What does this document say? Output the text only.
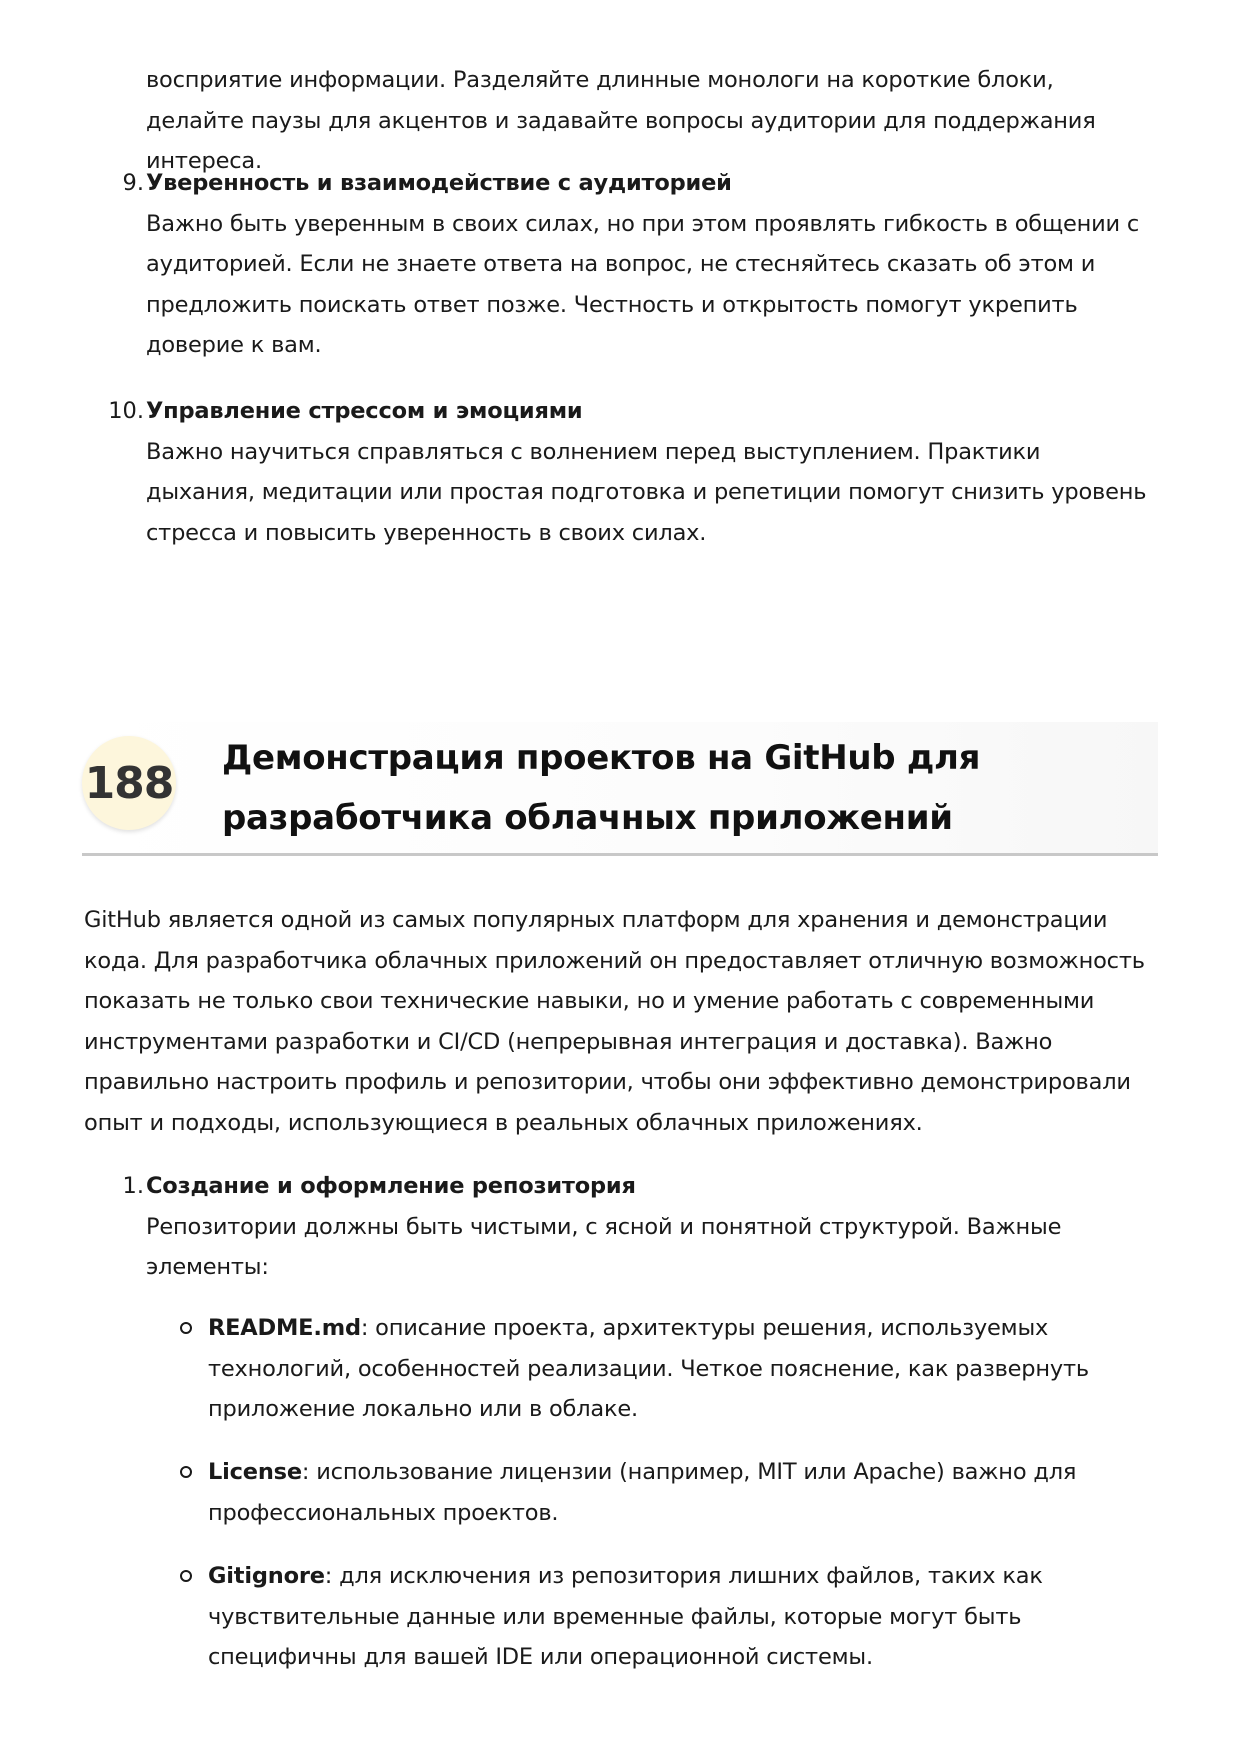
восприятие информации. Разделяйте длинные монологи на короткие блоки, делайте паузы для акцентов и задавайте вопросы аудитории для поддержания интереса.

9. Уверенность и взаимодействие с аудиторией

Важно быть уверенным в своих силах, но при этом проявлять гибкость в общении с аудиторией. Если не знаете ответа на вопрос, не стесняйтесь сказать об этом и предложить поискать ответ позже. Честность и открытость помогут укрепить доверие к вам.

10. Управление стрессом и эмоциями

Важно научиться справляться с волнением перед выступлением. Практики дыхания, медитации или простая подготовка и репетиции помогут снизить уровень стресса и повысить уверенность в своих силах.

188 Демонстрация проектов на GitHub для разработчика облачных приложений

GitHub является одной из самых популярных платформ для хранения и демонстрации кода. Для разработчика облачных приложений он предоставляет отличную возможность показать не только свои технические навыки, но и умение работать с современными инструментами разработки и CI/CD (непрерывная интеграция и доставка). Важно правильно настроить профиль и репозитории, чтобы они эффективно демонстрировали опыт и подходы, использующиеся в реальных облачных приложениях.

1. Создание и оформление репозитория

Репозитории должны быть чистыми, с ясной и понятной структурой. Важные элементы:

README.md: описание проекта, архитектуры решения, используемых технологий, особенностей реализации. Четкое пояснение, как развернуть приложение локально или в облаке.

License: использование лицензии (например, MIT или Apache) важно для профессиональных проектов.

Gitignore: для исключения из репозитория лишних файлов, таких как чувствительные данные или временные файлы, которые могут быть специфичны для вашей IDE или операционной системы.
